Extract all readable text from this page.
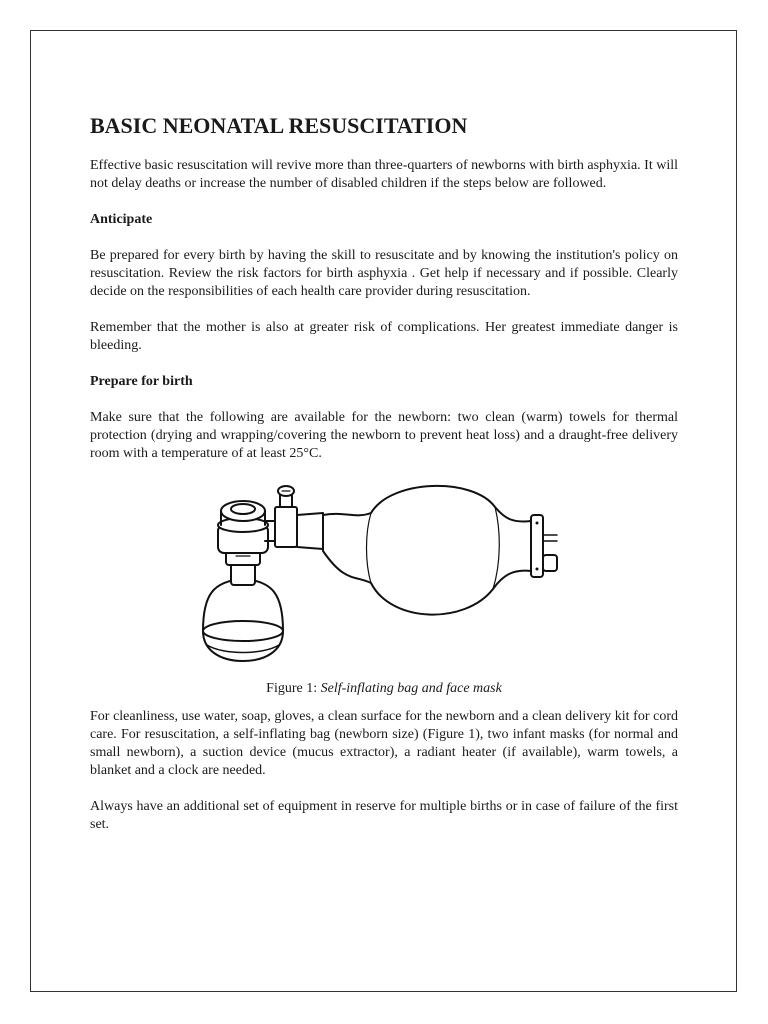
BASIC NEONATAL RESUSCITATION

Effective basic resuscitation will revive more than three-quarters of newborns with birth asphyxia. It will not delay deaths or increase the number of disabled children if the steps below are followed.

Anticipate

Be prepared for every birth by having the skill to resuscitate and by knowing the institution's policy on resuscitation. Review the risk factors for birth asphyxia . Get help if necessary and if possible. Clearly decide on the responsibilities of each health care provider during resuscitation.

Remember that the mother is also at greater risk of complications. Her greatest immediate danger is bleeding.

Prepare for birth

Make sure that the following are available for the newborn: two clean (warm) towels for thermal protection (drying and wrapping/covering the newborn to prevent heat loss) and a draught-free delivery room with a temperature of at least 25°C.

Figure 1: Self-inflating bag and face mask

For cleanliness, use water, soap, gloves, a clean surface for the newborn and a clean delivery kit for cord care. For resuscitation, a self-inflating bag (newborn size) (Figure 1), two infant masks (for normal and small newborn), a suction device (mucus extractor), a radiant heater (if available), warm towels, a blanket and a clock are needed.

Always have an additional set of equipment in reserve for multiple births or in case of failure of the first set.
